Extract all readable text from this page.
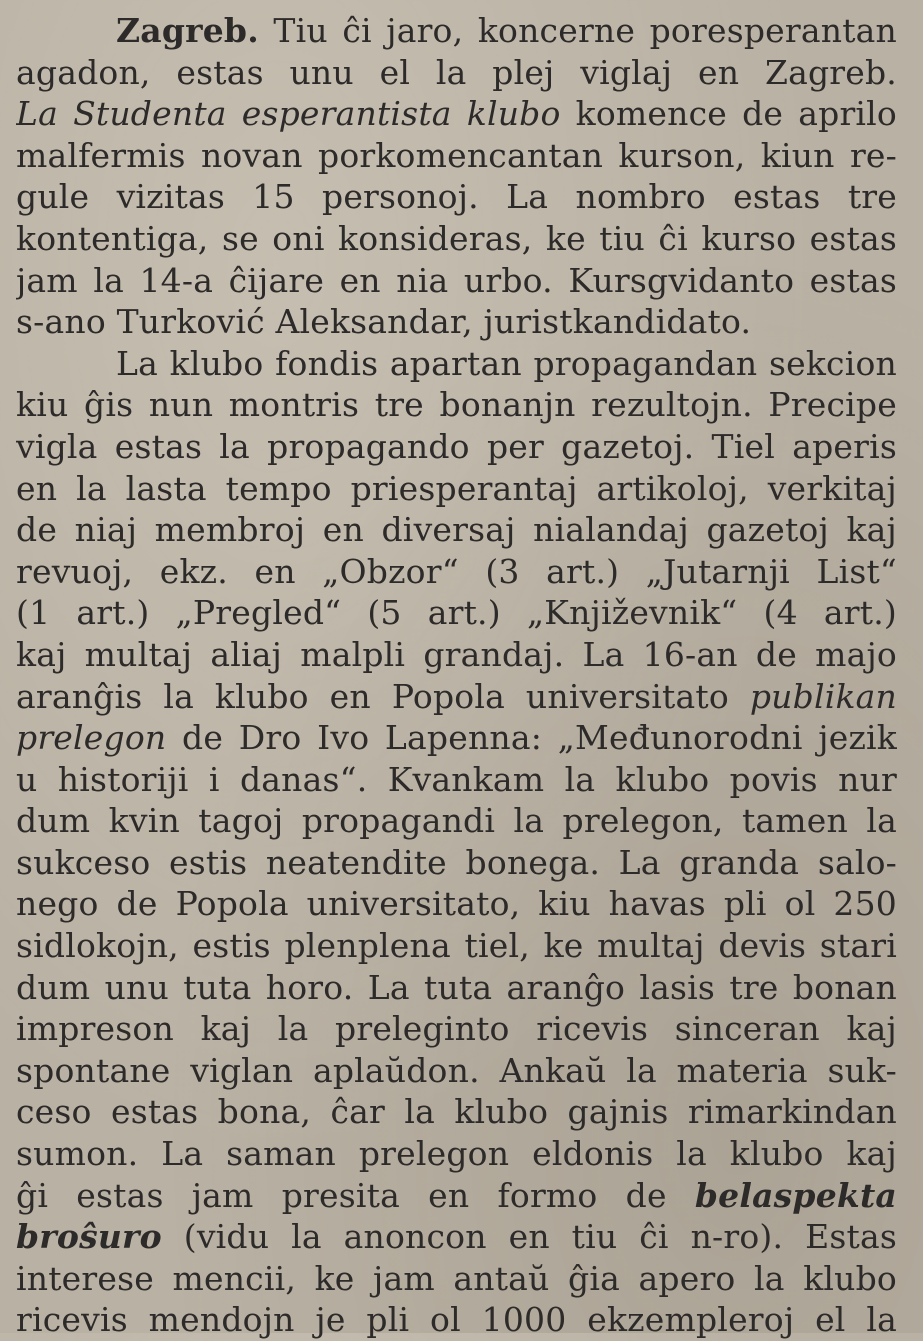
Zagreb. Tiu ĉi jaro, koncerne poresperantan
agadon, estas unu el la plej viglaj en Zagreb.
La Studenta esperantista klubo komence de aprilo
malfermis novan porkomencantan kurson, kiun re-
gule vizitas 15 personoj. La nombro estas tre
kontentiga, se oni konsideras, ke tiu ĉi kurso estas
jam la 14-a ĉijare en nia urbo. Kursgvidanto estas
s-ano Turković Aleksandar, juristkandidato.
La klubo fondis apartan propagandan sekcion
kiu ĝis nun montris tre bonanjn rezultojn. Precipe
vigla estas la propagando per gazetoj. Tiel aperis
en la lasta tempo priesperantaj artikoloj, verkitaj
de niaj membroj en diversaj nialandaj gazetoj kaj
revuoj, ekz. en „Obzor“ (3 art.) „Jutarnji List“
(1 art.) „Pregled“ (5 art.) „Književnik“ (4 art.)
kaj multaj aliaj malpli grandaj. La 16-an de majo
aranĝis la klubo en Popola universitato publikan
prelegon de Dro Ivo Lapenna: „Međunorodni jezik
u historiji i danas“. Kvankam la klubo povis nur
dum kvin tagoj propagandi la prelegon, tamen la
sukceso estis neatendite bonega. La granda salo-
nego de Popola universitato, kiu havas pli ol 250
sidlokojn, estis plenplena tiel, ke multaj devis stari
dum unu tuta horo. La tuta aranĝo lasis tre bonan
impreson kaj la preleginto ricevis sinceran kaj
spontane viglan aplaŭdon. Ankaŭ la materia suk-
ceso estas bona, ĉar la klubo gajnis rimarkindan
sumon. La saman prelegon eldonis la klubo kaj
ĝi estas jam presita en formo de belaspekta
broŝuro (vidu la anoncon en tiu ĉi n-ro). Estas
interese mencii, ke jam antaŭ ĝia apero la klubo
ricevis mendojn je pli ol 1000 ekzempleroj el la
